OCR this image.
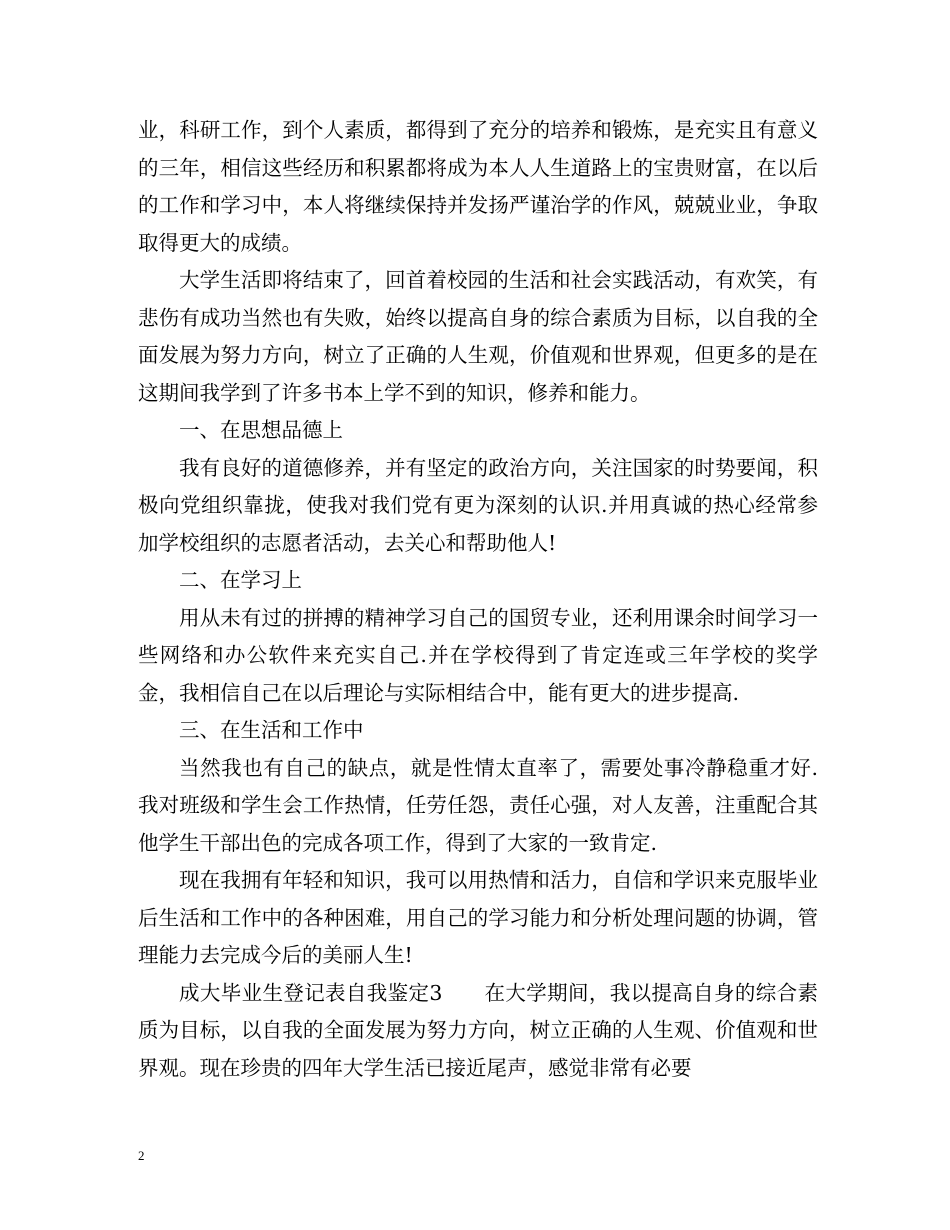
业，科研工作，到个人素质，都得到了充分的培养和锻炼，是充实且有意义的三年，相信这些经历和积累都将成为本人人生道路上的宝贵财富，在以后的工作和学习中，本人将继续保持并发扬严谨治学的作风，兢兢业业，争取取得更大的成绩。

大学生活即将结束了，回首着校园的生活和社会实践活动，有欢笑，有悲伤有成功当然也有失败，始终以提高自身的综合素质为目标，以自我的全面发展为努力方向，树立了正确的人生观，价值观和世界观，但更多的是在这期间我学到了许多书本上学不到的知识，修养和能力。

一、在思想品德上

我有良好的道德修养，并有坚定的政治方向，关注国家的时势要闻，积极向党组织靠拢，使我对我们党有更为深刻的认识.并用真诚的热心经常参加学校组织的志愿者活动，去关心和帮助他人!

二、在学习上

用从未有过的拼搏的精神学习自己的国贸专业，还利用课余时间学习一些网络和办公软件来充实自己.并在学校得到了肯定连或三年学校的奖学金，我相信自己在以后理论与实际相结合中，能有更大的进步提高.

三、在生活和工作中

当然我也有自己的缺点，就是性情太直率了，需要处事冷静稳重才好.我对班级和学生会工作热情，任劳任怨，责任心强，对人友善，注重配合其他学生干部出色的完成各项工作，得到了大家的一致肯定.

现在我拥有年轻和知识，我可以用热情和活力，自信和学识来克服毕业后生活和工作中的各种困难，用自己的学习能力和分析处理问题的协调，管理能力去完成今后的美丽人生!

成大毕业生登记表自我鉴定3　　在大学期间，我以提高自身的综合素质为目标，以自我的全面发展为努力方向，树立正确的人生观、价值观和世界观。现在珍贵的四年大学生活已接近尾声，感觉非常有必要

2
